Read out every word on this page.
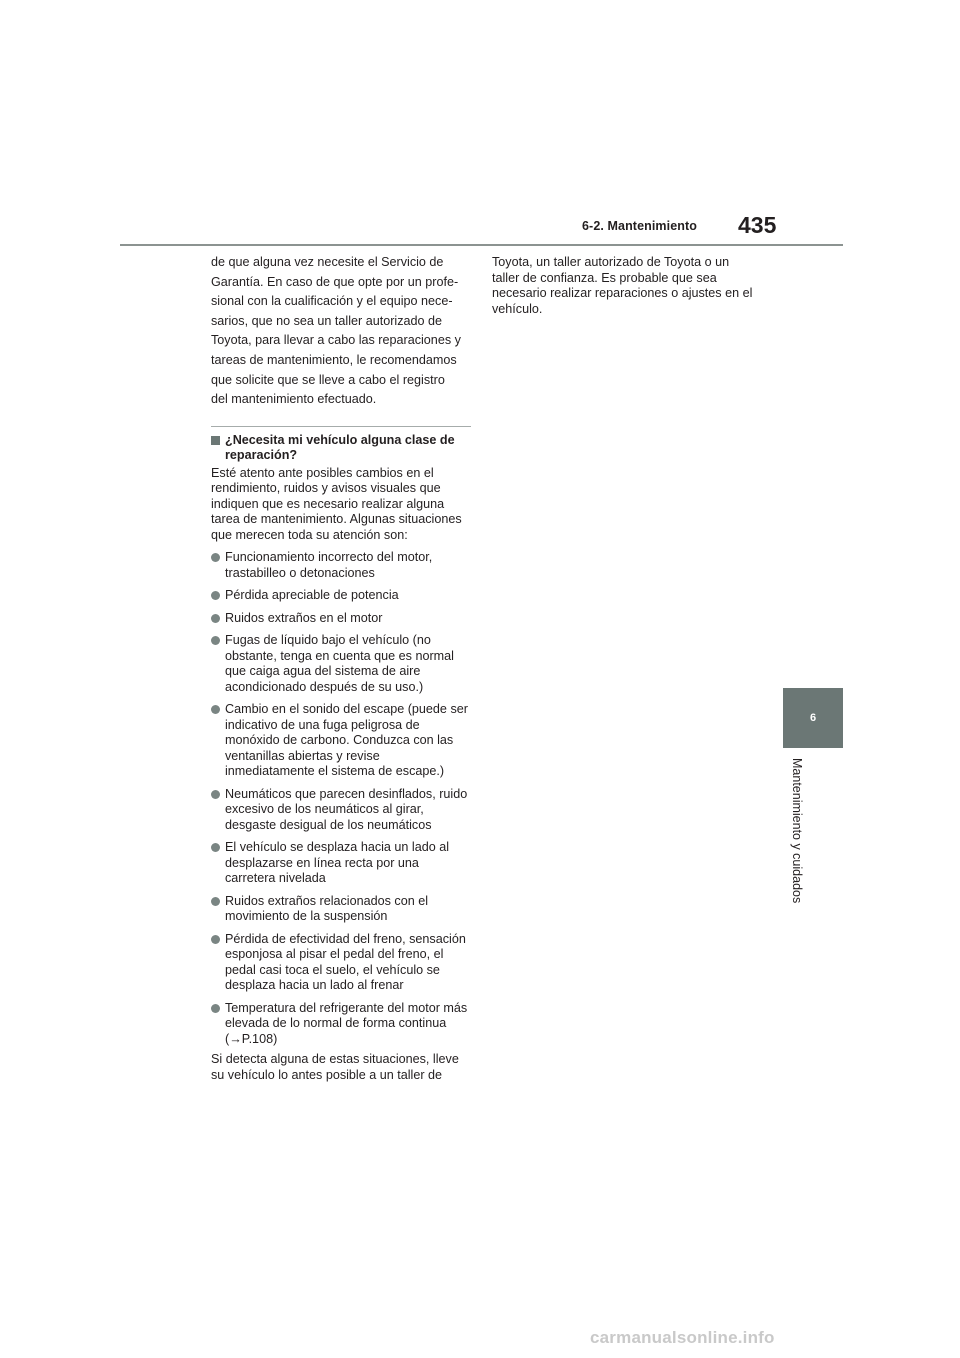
6-2. Mantenimiento 435
6
Mantenimiento y cuidados
de que alguna vez necesite el Servicio de
Garantía. En caso de que opte por un profe-
sional con la cualificación y el equipo nece-
sarios, que no sea un taller autorizado de
Toyota, para llevar a cabo las reparaciones y
tareas de mantenimiento, le recomendamos
que solicite que se lleve a cabo el registro
del mantenimiento efectuado.
¿Necesita mi vehículo alguna clase de reparación?

Esté atento ante posibles cambios en el rendimiento, ruidos y avisos visuales que indiquen que es necesario realizar alguna tarea de mantenimiento. Algunas situaciones que merecen toda su atención son:

Funcionamiento incorrecto del motor, trastabilleo o detonaciones
Pérdida apreciable de potencia
Ruidos extraños en el motor
Fugas de líquido bajo el vehículo (no obstante, tenga en cuenta que es normal que caiga agua del sistema de aire acondicionado después de su uso.)
Cambio en el sonido del escape (puede ser indicativo de una fuga peligrosa de monóxido de carbono. Conduzca con las ventanillas abiertas y revise inmediatamente el sistema de escape.)
Neumáticos que parecen desinflados, ruido excesivo de los neumáticos al girar, desgaste desigual de los neumáticos
El vehículo se desplaza hacia un lado al desplazarse en línea recta por una carretera nivelada
Ruidos extraños relacionados con el movimiento de la suspensión
Pérdida de efectividad del freno, sensación esponjosa al pisar el pedal del freno, el pedal casi toca el suelo, el vehículo se desplaza hacia un lado al frenar
Temperatura del refrigerante del motor más elevada de lo normal de forma continua (→P.108)

Si detecta alguna de estas situaciones, lleve su vehículo lo antes posible a un taller de

Toyota, un taller autorizado de Toyota o un taller de confianza. Es probable que sea necesario realizar reparaciones o ajustes en el vehículo.

carmanualsonline.info
